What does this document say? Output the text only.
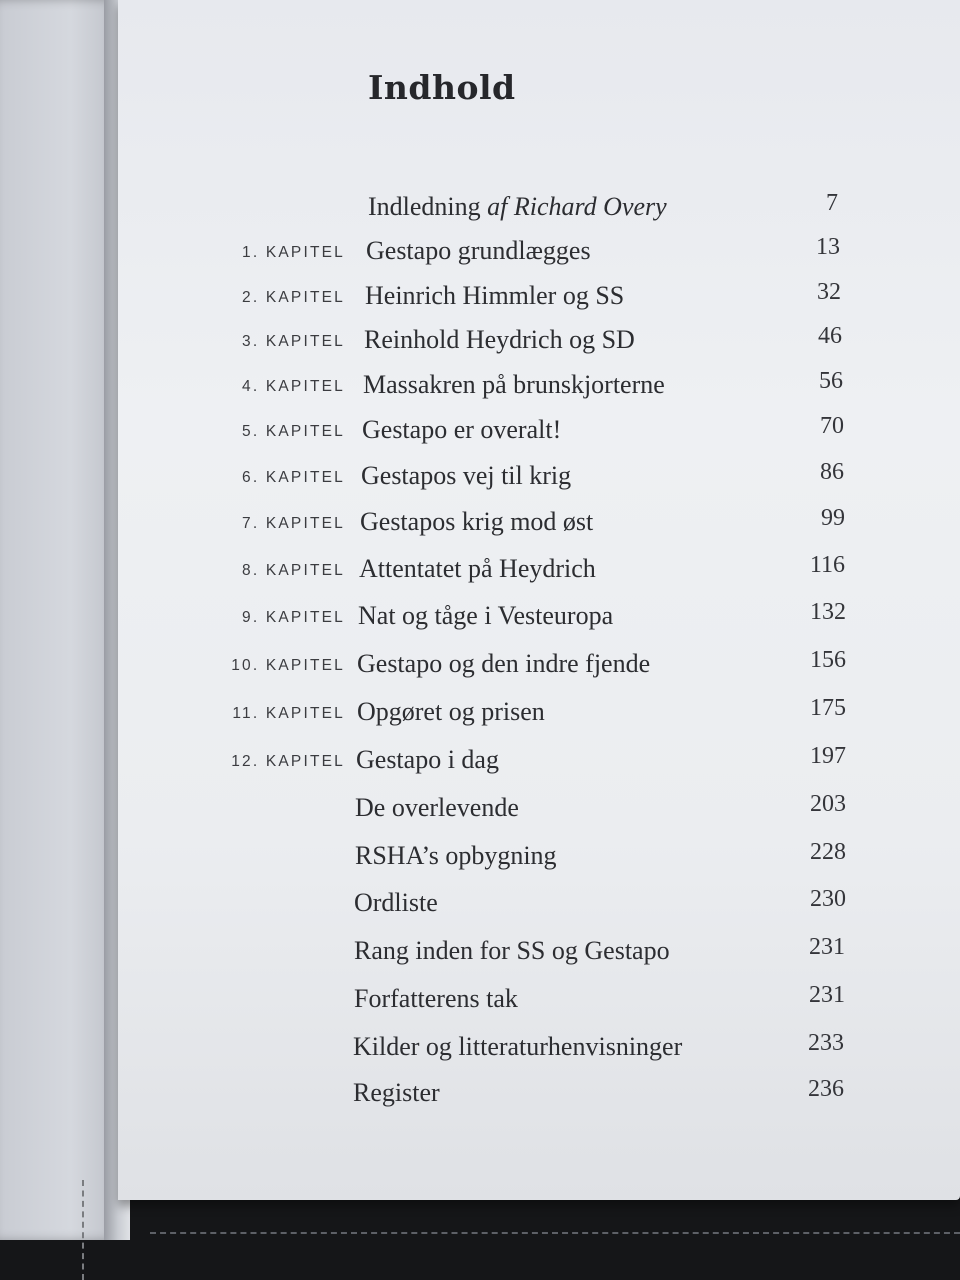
Indhold
Indledning af Richard Overy	7
1. KAPITEL Gestapo grundlægges	13
2. KAPITEL Heinrich Himmler og SS	32
3. KAPITEL Reinhold Heydrich og SD	46
4. KAPITEL Massakren på brunskjorterne	56
5. KAPITEL Gestapo er overalt!	70
6. KAPITEL Gestapos vej til krig	86
7. KAPITEL Gestapos krig mod øst	99
8. KAPITEL Attentatet på Heydrich	116
9. KAPITEL Nat og tåge i Vesteuropa	132
10. KAPITEL Gestapo og den indre fjende	156
11. KAPITEL Opgøret og prisen	175
12. KAPITEL Gestapo i dag	197
De overlevende	203
RSHA’s opbygning	228
Ordliste	230
Rang inden for SS og Gestapo	231
Forfatterens tak	231
Kilder og litteraturhenvisninger	233
Register	236
